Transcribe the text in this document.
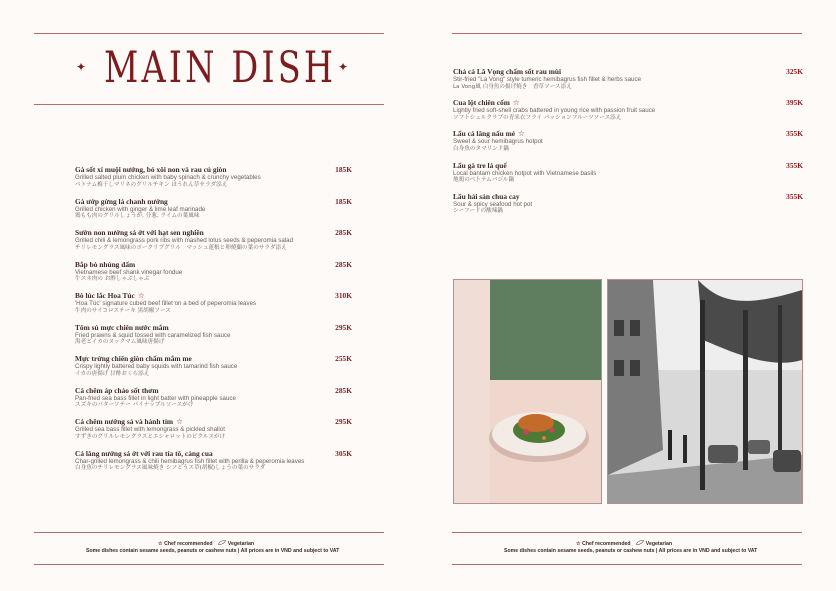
✦ MAIN DISH ✦
Gà sốt xí muội nướng, bó xôi non và rau củ giòn
Grilled salted plum chicken with baby spinach & crunchy vegetables
ベトナム梅干しマリネのグリルチキン ほうれん草サラダ添え
185K
Gà ướp gừng lá chanh nướng
Grilled chicken with ginger & lime leaf marinade
鶏もも肉のグリルしょうが, 分葱, ライムの葉風味
185K
Sườn non nướng sả ớt với hạt sen nghiền
Grilled chili & lemongrass pork ribs with mashed lotus seeds & peperomia salad
チリレモングラス風味のポークリブグリル　マッシュ蓮根と卵焼蘭の葉のサラダ添え
285K
Bắp bò nhúng dấm
Vietnamese beef shank vinegar fondue
牛スネ肉の お酢しゃぶしゃぶ
285K
Bò lúc lắc Hoa Túc ☆
'Hoa Túc' signature cubed beef fillet on a bed of peperomia leaves
牛肉のサイコロステーキ 黒胡椒ソース
310K
Tôm sú mực chiên nước mắm
Fried prawns & squid tossed with caramelized fish sauce
海老とイカのヌックマム風味唐揚げ
295K
Mực trứng chiên giòn chấm mắm me
Crispy lightly battered baby squids with tamarind fish sauce
イカの唐揚げ 甘酢おくら添え
255K
Cá chẽm áp chảo sốt thơm
Pan-fried sea bass fillet in light batter with pineapple sauce
スズキのバターソテー パイナップルソースがけ
285K
Cá chẽm nướng sả và hành tím ☆
Grilled sea bass fillet with lemongrass & pickled shallot
すずきのグリルレモングラスとエシャロットのピクルスがけ
295K
Cá lăng nướng sả ớt với rau tía tô, càng cua
Char-grilled lemongrass & chili hemibagrus fish fillet with perilla & peperomia leaves
白身魚のチリレモングラス風味焼き シソとうス草(胡椒)しょうの葉のサラダ
305K
☆ Chef recommended	Vegetarian
Some dishes contain sesame seeds, peanuts or cashew nuts | All prices are in VND and subject to VAT
Chả cá Lã Vọng chấm sốt rau mùi
Stir-fried "La Vong" style tumeric hemibagrus fish fillet & herbs sauce
La Vong風 白身魚の揚げ焼き　香草ソース添え
325K
Cua lột chiên cốm ☆
Lightly fried soft-shell crabs battered in young rice with passion fruit sauce
ソフトシェルクラブの青米衣フライ パッションフルーツソース添え
395K
Lẩu cá lăng nấu mẻ ☆
Sweet & sour hemibagrus hotpot
白身魚のタマリンド鍋
355K
Lẩu gà tre lá quế
Local bantam chicken hotpot with Vietnamese basils
地鶏のベトナムバジル鍋
355K
Lẩu hải sản chua cay
Sour & spicy seafood hot pot
シーフードの酸辣鍋
355K
☆ Chef recommended	Vegetarian
Some dishes contain sesame seeds, peanuts or cashew nuts | All prices are in VND and subject to VAT
